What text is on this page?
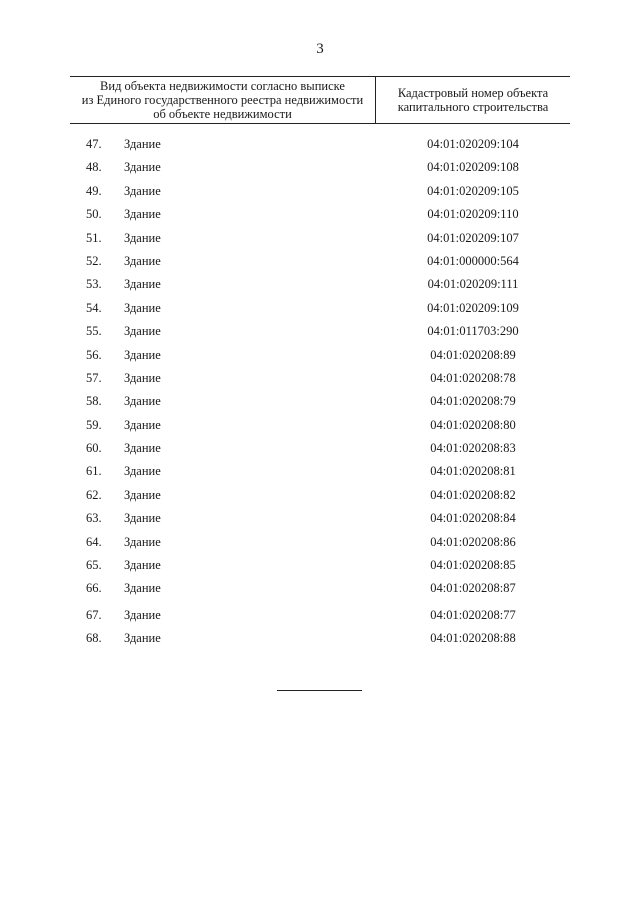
3
Вид объекта недвижимости согласно выписке
из Единого государственного реестра недвижимости
об объекте недвижимости
Кадастровый номер объекта
капитального строительства
47.	Здание	04:01:020209:104
48.	Здание	04:01:020209:108
49.	Здание	04:01:020209:105
50.	Здание	04:01:020209:110
51.	Здание	04:01:020209:107
52.	Здание	04:01:000000:564
53.	Здание	04:01:020209:111
54.	Здание	04:01:020209:109
55.	Здание	04:01:011703:290
56.	Здание	04:01:020208:89
57.	Здание	04:01:020208:78
58.	Здание	04:01:020208:79
59.	Здание	04:01:020208:80
60.	Здание	04:01:020208:83
61.	Здание	04:01:020208:81
62.	Здание	04:01:020208:82
63.	Здание	04:01:020208:84
64.	Здание	04:01:020208:86
65.	Здание	04:01:020208:85
66.	Здание	04:01:020208:87
67.	Здание	04:01:020208:77
68.	Здание	04:01:020208:88
